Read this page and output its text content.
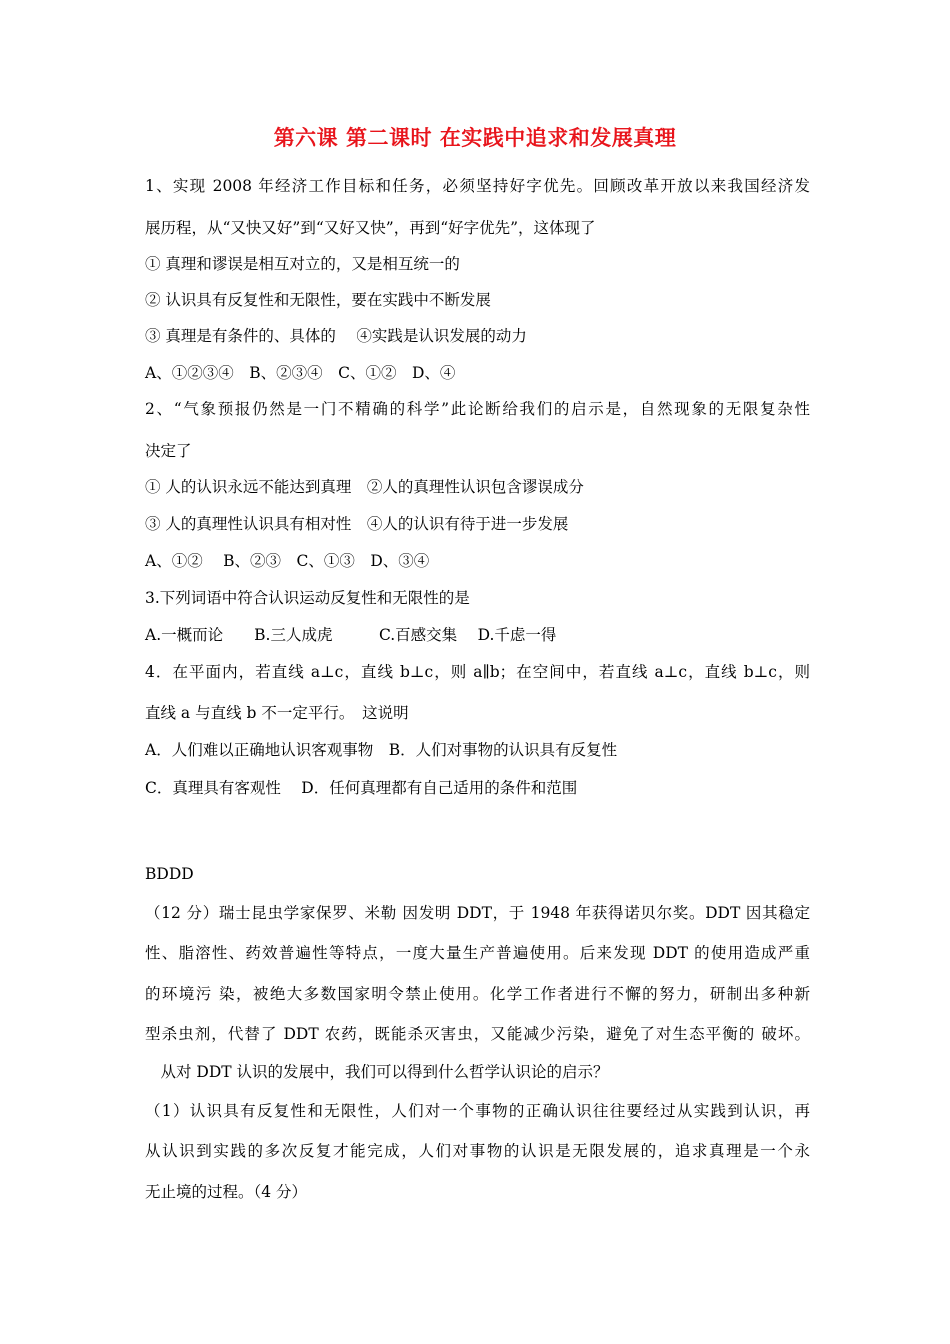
第六课 第二课时 在实践中追求和发展真理
1、实现 2008 年经济工作目标和任务，必须坚持好字优先。回顾改革开放以来我国经济发
展历程，从“又快又好”到“又好又快”，再到“好字优先”，这体现了
① 真理和谬误是相互对立的，又是相互统一的
② 认识具有反复性和无限性，要在实践中不断发展
③ 真理是有条件的、具体的　 ④实践是认识发展的动力
A、①②③④　B、②③④　C、①②　D、④
2、“气象预报仍然是一门不精确的科学”此论断给我们的启示是，自然现象的无限复杂性
决定了
① 人的认识永远不能达到真理　②人的真理性认识包含谬误成分
③ 人的真理性认识具有相对性　④人的认识有待于进一步发展
A、①②　 B、②③　C、①③　D、③④
3.下列词语中符合认识运动反复性和无限性的是
A.一概而论　　B.三人成虎　　　C.百感交集　 D.千虑一得
4．在平面内，若直线 a⊥c，直线 b⊥c，则 a∥b；在空间中，若直线 a⊥c，直线 b⊥c，则
直线 a 与直线 b 不一定平行。　这说明
A．人们难以正确地认识客观事物　B．人们对事物的认识具有反复性
C．真理具有客观性　 D．任何真理都有自己适用的条件和范围
BDDD
（12 分）瑞士昆虫学家保罗、米勒 因发明 DDT，于 1948 年获得诺贝尔奖。DDT 因其稳定
性、脂溶性、药效普遍性等特点，一度大量生产普遍使用。后来发现 DDT 的使用造成严重
的环境污 染，被绝大多数国家明令禁止使用。化学工作者进行不懈的努力，研制出多种新
型杀虫剂，代替了 DDT 农药，既能杀灭害虫，又能减少污染，避免了对生态平衡的 破坏。
　从对 DDT 认识的发展中，我们可以得到什么哲学认识论的启示？
（1）认识具有反复性和无限性，人们对一个事物的正确认识往往要经过从实践到认识，再
从认识到实践的多次反复才能完成，人们对事物的认识是无限发展的，追求真理是一个永
无止境的过程。（4 分）
